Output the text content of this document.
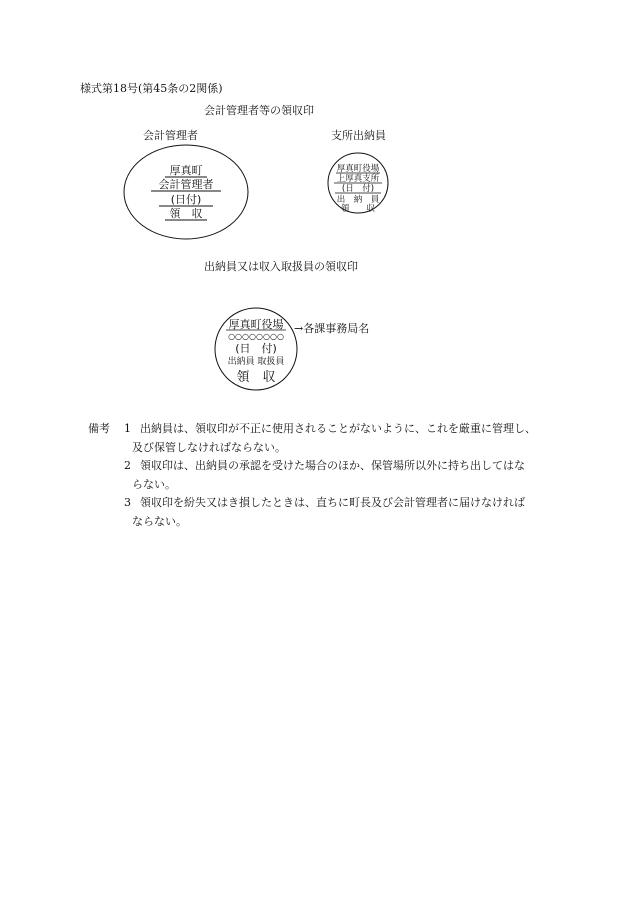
様式第18号(第45条の2関係)
会計管理者等の領収印
会計管理者	支所出納員
厚真町
会計管理者
(日付)
領　収
厚真町役場
上厚真支所
(日　付)
出　納　員
領　　収
出納員又は収入取扱員の領収印
厚真町役場
○○○○○○○○
(日　付)
出納員 取扱員
領　収
→各課事務局名
備考	1 出納員は、領収印が不正に使用されることがないように、これを厳重に管理し、
及び保管しなければならない。
2 領収印は、出納員の承認を受けた場合のほか、保管場所以外に持ち出してはな
らない。
3 領収印を紛失又はき損したときは、直ちに町長及び会計管理者に届けなければ
ならない。
